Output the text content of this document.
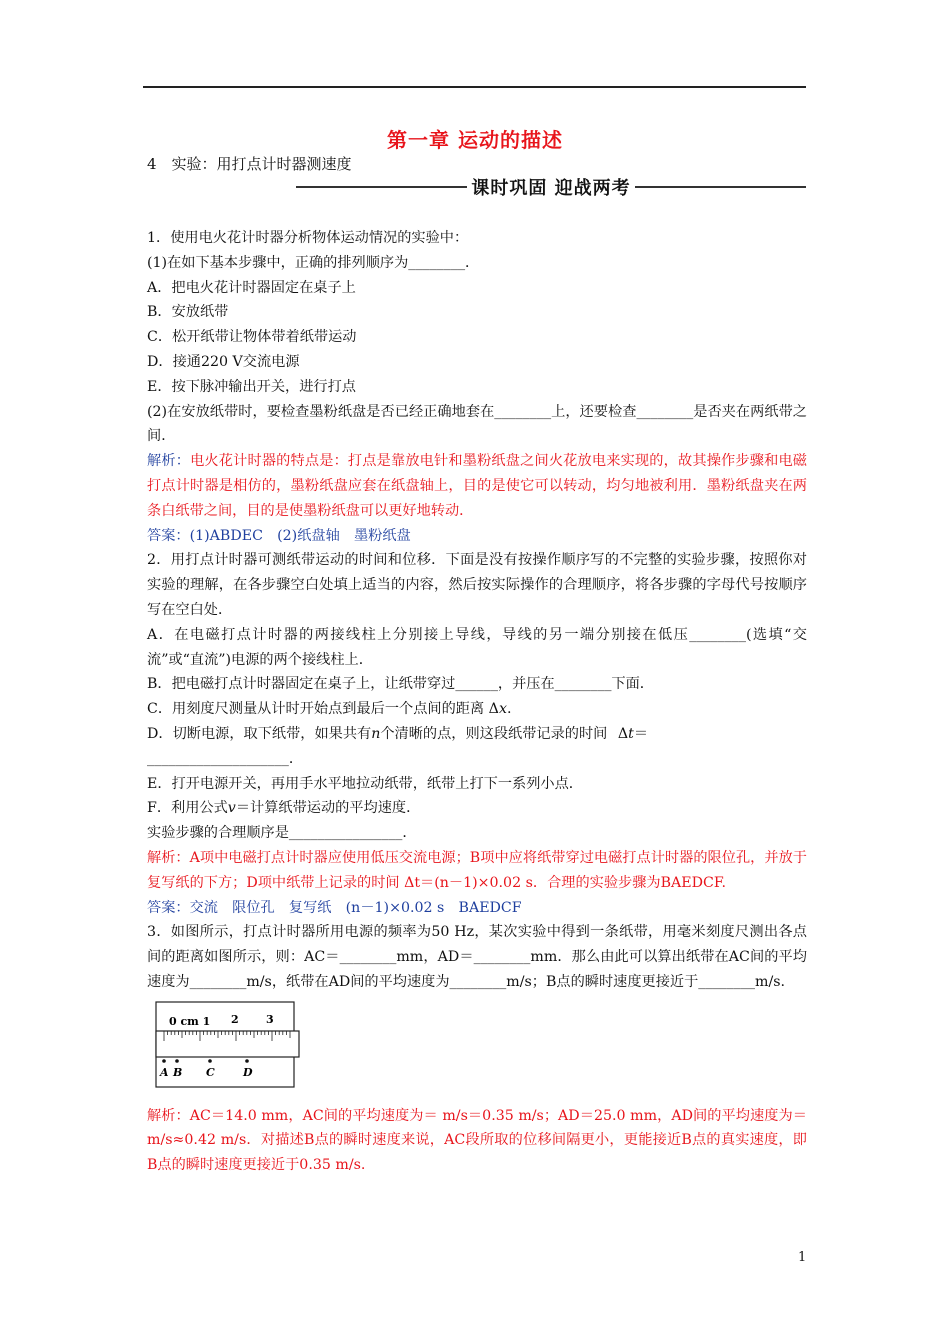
第一章 运动的描述
4　实验：用打点计时器测速度
课时巩固 迎战两考

1．使用电火花计时器分析物体运动情况的实验中：

(1)在如下基本步骤中，正确的排列顺序为________．

A．把电火花计时器固定在桌子上

B．安放纸带

C．松开纸带让物体带着纸带运动

D．接通220 V交流电源

E．按下脉冲输出开关，进行打点

(2)在安放纸带时，要检查墨粉纸盘是否已经正确地套在________上，还要检查________是否夹在两纸带之间．

解析：电火花计时器的特点是：打点是靠放电针和墨粉纸盘之间火花放电来实现的，故其操作步骤和电磁打点计时器是相仿的，墨粉纸盘应套在纸盘轴上，目的是使它可以转动，均匀地被利用．墨粉纸盘夹在两条白纸带之间，目的是使墨粉纸盘可以更好地转动．

答案：(1)ABDEC　(2)纸盘轴　墨粉纸盘

2．用打点计时器可测纸带运动的时间和位移．下面是没有按操作顺序写的不完整的实验步骤，按照你对实验的理解，在各步骤空白处填上适当的内容，然后按实际操作的合理顺序，将各步骤的字母代号按顺序写在空白处．

A．在电磁打点计时器的两接线柱上分别接上导线，导线的另一端分别接在低压________(选填“交流”或“直流”)电源的两个接线柱上．

B．把电磁打点计时器固定在桌子上，让纸带穿过______，并压在________下面．

C．用刻度尺测量从计时开始点到最后一个点间的距离 Δx.

D．切断电源，取下纸带，如果共有n个清晰的点，则这段纸带记录的时间 Δt＝

____________________．

E．打开电源开关，再用手水平地拉动纸带，纸带上打下一系列小点．

F．利用公式v＝计算纸带运动的平均速度．

实验步骤的合理顺序是________________．

解析：A项中电磁打点计时器应使用低压交流电源；B项中应将纸带穿过电磁打点计时器的限位孔，并放于复写纸的下方；D项中纸带上记录的时间 Δt＝(n－1)×0.02 s．合理的实验步骤为BAEDCF.

答案：交流　限位孔　复写纸　(n－1)×0.02 s　BAEDCF

3．如图所示，打点计时器所用电源的频率为50 Hz，某次实验中得到一条纸带，用毫米刻度尺测出各点间的距离如图所示，则：AC＝________mm，AD＝________mm．那么由此可以算出纸带在AC间的平均速度为________m/s，纸带在AD间的平均速度为________m/s；B点的瞬时速度更接近于________m/s.

0 cm 1 2 3
A B C	D

解析：AC＝14.0 mm，AC间的平均速度为＝ m/s＝0.35 m/s；AD＝25.0 mm，AD间的平均速度为＝ m/s≈0.42 m/s．对描述B点的瞬时速度来说，AC段所取的位移间隔更小，更能接近B点的真实速度，即B点的瞬时速度更接近于0.35 m/s.

1
